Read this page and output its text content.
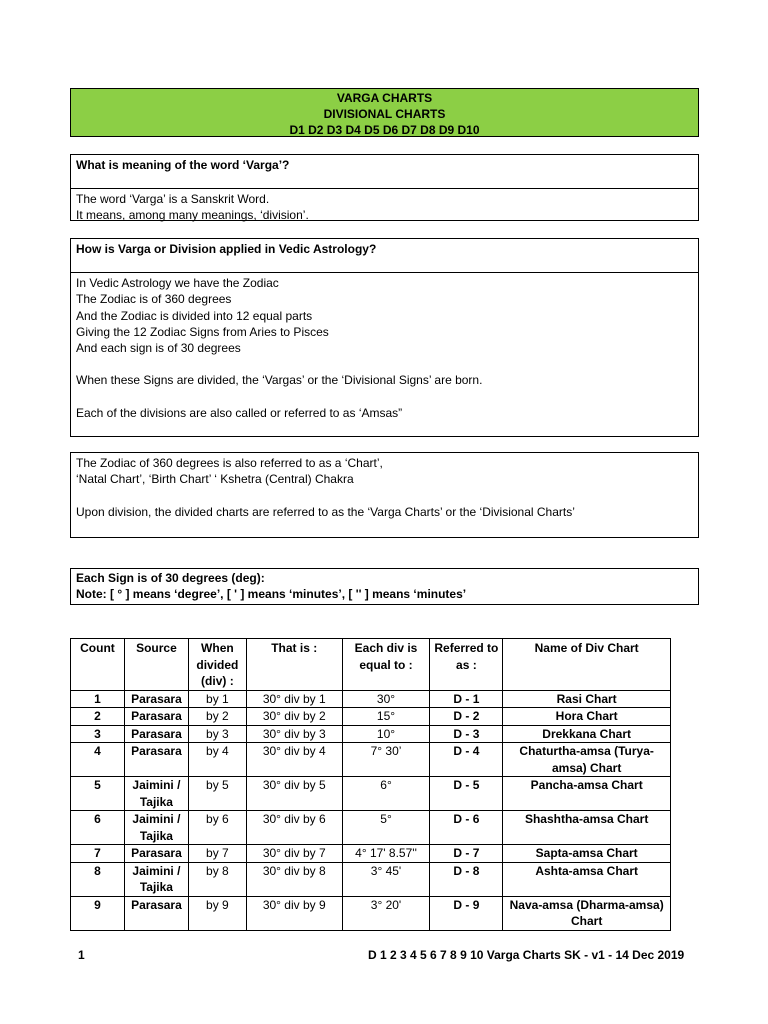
VARGA CHARTS
DIVISIONAL CHARTS
D1 D2 D3 D4 D5 D6 D7 D8 D9 D10
What is meaning of the word ‘Varga’?
The word ‘Varga’ is a Sanskrit Word.
It means, among many meanings, ‘division’.
How is Varga or Division applied in Vedic Astrology?
In Vedic Astrology we have the Zodiac
The Zodiac is of 360 degrees
And the Zodiac is divided into 12 equal parts
Giving the 12 Zodiac Signs from Aries to Pisces
And each sign is of 30 degrees
When these Signs are divided, the ‘Vargas’ or the ‘Divisional Signs’ are born.
Each of the divisions are also called or referred to as ‘Amsas”
The Zodiac of 360 degrees is also referred to as a ‘Chart’,
‘Natal Chart’, ‘Birth Chart’ ‘ Kshetra (Central) Chakra
Upon division, the divided charts are referred to as the ‘Varga Charts’ or the ‘Divisional Charts’
Each Sign is of 30 degrees (deg):
Note: [ ° ] means ‘degree’, [ ' ] means ‘minutes’, [ '' ] means ‘minutes’
Count	Source	When divided (div) :	That is :	Each div is equal to :	Referred to as :	Name of Div Chart
1	Parasara	by 1	30° div by 1	30°	D - 1	Rasi Chart
2	Parasara	by 2	30° div by 2	15°	D - 2	Hora Chart
3	Parasara	by 3	30° div by 3	10°	D - 3	Drekkana Chart
4	Parasara	by 4	30° div by 4	7° 30’	D - 4	Chaturtha-amsa (Turya-amsa) Chart
5	Jaimini / Tajika	by 5	30° div by 5	6°	D - 5	Pancha-amsa Chart
6	Jaimini / Tajika	by 6	30° div by 6	5°	D - 6	Shashtha-amsa Chart
7	Parasara	by 7	30° div by 7	4° 17' 8.57''	D - 7	Sapta-amsa Chart
8	Jaimini / Tajika	by 8	30° div by 8	3° 45'	D - 8	Ashta-amsa Chart
9	Parasara	by 9	30° div by 9	3° 20'	D - 9	Nava-amsa (Dharma-amsa) Chart
1	D 1 2 3 4 5 6 7 8 9 10 Varga Charts SK - v1 - 14 Dec 2019
